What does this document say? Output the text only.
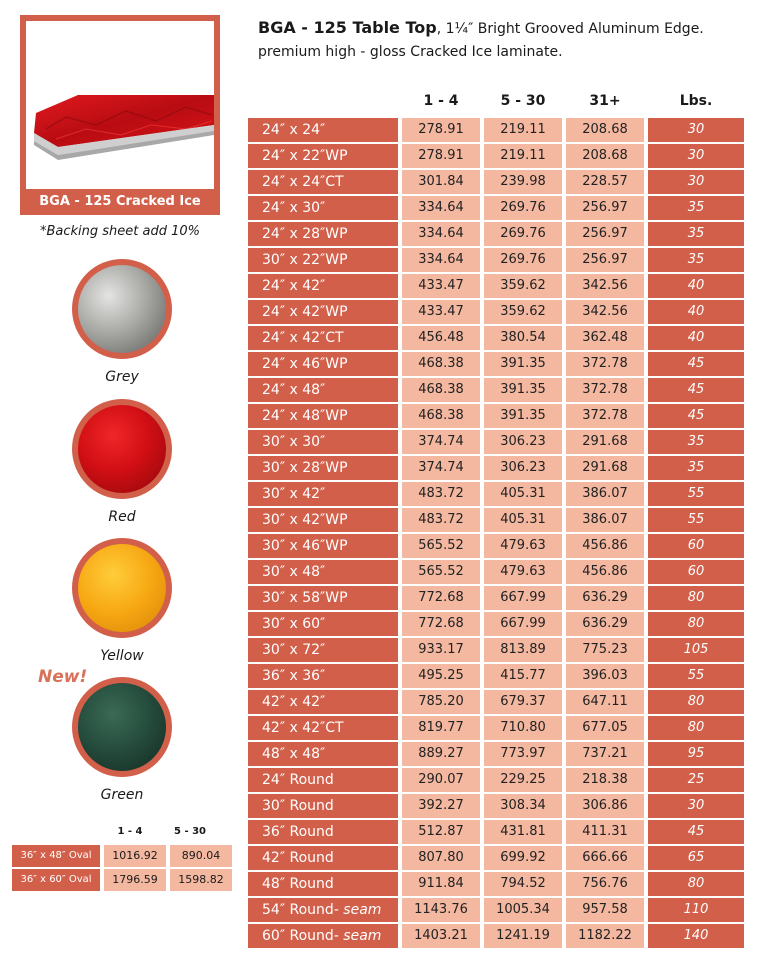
BGA - 125 Cracked Ice
*Backing sheet add 10%
Grey
Red
Yellow
New!
Green
1 - 4	5 - 30
36″ x 48″ Oval	1016.92	890.04
36″ x 60″ Oval	1796.59	1598.82
BGA - 125 Table Top, 1¼″ Bright Grooved Aluminum Edge.
premium high - gloss Cracked Ice laminate.
1 - 4	5 - 30	31+	Lbs.
24″ x 24″	278.91	219.11	208.68	30
24″ x 22″WP	278.91	219.11	208.68	30
24″ x 24″CT	301.84	239.98	228.57	30
24″ x 30″	334.64	269.76	256.97	35
24″ x 28″WP	334.64	269.76	256.97	35
30″ x 22″WP	334.64	269.76	256.97	35
24″ x 42″	433.47	359.62	342.56	40
24″ x 42″WP	433.47	359.62	342.56	40
24″ x 42″CT	456.48	380.54	362.48	40
24″ x 46″WP	468.38	391.35	372.78	45
24″ x 48″	468.38	391.35	372.78	45
24″ x 48″WP	468.38	391.35	372.78	45
30″ x 30″	374.74	306.23	291.68	35
30″ x 28″WP	374.74	306.23	291.68	35
30″ x 42″	483.72	405.31	386.07	55
30″ x 42″WP	483.72	405.31	386.07	55
30″ x 46″WP	565.52	479.63	456.86	60
30″ x 48″	565.52	479.63	456.86	60
30″ x 58″WP	772.68	667.99	636.29	80
30″ x 60″	772.68	667.99	636.29	80
30″ x 72″	933.17	813.89	775.23	105
36″ x 36″	495.25	415.77	396.03	55
42″ x 42″	785.20	679.37	647.11	80
42″ x 42″CT	819.77	710.80	677.05	80
48″ x 48″	889.27	773.97	737.21	95
24″ Round	290.07	229.25	218.38	25
30″ Round	392.27	308.34	306.86	30
36″ Round	512.87	431.81	411.31	45
42″ Round	807.80	699.92	666.66	65
48″ Round	911.84	794.52	756.76	80
54″ Round- seam	1143.76	1005.34	957.58	110
60″ Round- seam	1403.21	1241.19	1182.22	140
